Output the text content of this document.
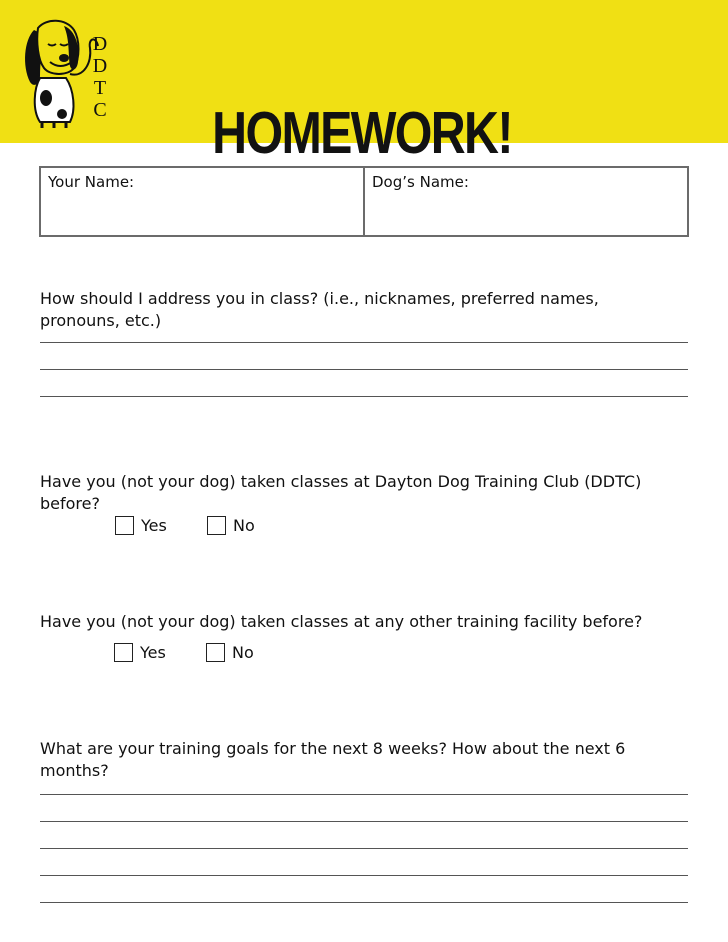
D
D
T
C	HOMEWORK!
Your Name:	Dog’s Name:
How should I address you in class? (i.e., nicknames, preferred names, pronouns, etc.)
Have you (not your dog) taken classes at Dayton Dog Training Club (DDTC) before?
Yes	No
Have you (not your dog) taken classes at any other training facility before?
Yes	No
What are your training goals for the next 8 weeks? How about the next 6 months?
